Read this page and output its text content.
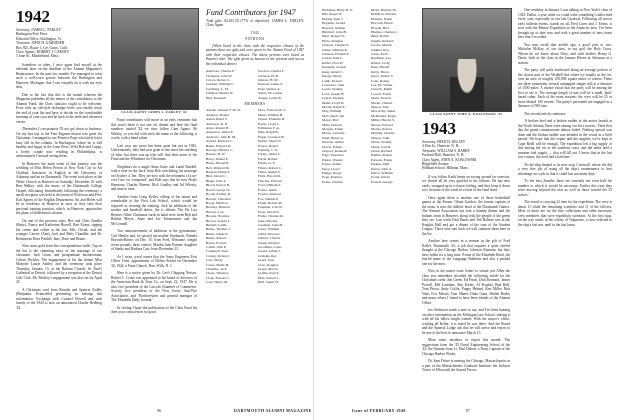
1942
Secretary, JAMES L. FARLEY
Burlington Free Press
Editorial Office, Burlington, Vt.
Treasurer, JOHN H. GARDINER
Box 925, Route 1, Los Gatos, Calif.
Class Agents: ROBERT J. CARNEY
5 Jane St., Marblehead, Mass.

Somehow or other, I once again find myself at the eleventh hour on the deadline of the Alumni Magazine's Renaissance. In the past few months I've managed to wear such a well-worn groove between the Burlington and Hanover, Michigan, that I can virtually do it with my eyes shut.

Due to the fact that this is the month wherein the Magazine publishes all the names of the contributors to the Alumni Fund, the Class statistics ought to be welcome. Even with an old-style technique letter you finally reach the end of your list and have to decide on the comfortable morning of your own and be back to the teeth and whatever verses.

Thereafter I can promise I'll not get down to business. On my last trip to the Free Pageant mason was great for Christmas. I managed to see Prentice Pope who lately had a busy fall in the column. In Burlington, where he is still healthy and happy at the Lane Press, Wild Bob and Cappy, a lovely couple now residing in Philadelphia, is unfortunately I missed seeing them.

In Hanover, the main event of that journey was the wedding of Miss Helen Perron of New York City to Art Chalfant, Instructor in English at the University of Arkansas and an ex-Dartmouth. The event took place at the White Church in Hanover on Saturday, December 20 with Ben Walker, with the music of the Dartmouth College Chapel, officiating. Immediately following the ceremony, a small reception was held at the home of Professor and Prof. Earl Agnew of the English Department. Art and Helen will be in residence in Hanover at once as they take their personal training position, which, in Hanover, approaches the plans of differential calculus.

On one of the previous trips, Bev and Chris Zanella (Betty), Nancy and Katherine Howell, Bert Evans, sipping his cream and coffee at the Inn, Mrs. Orcutt, and the younger Carries (Ann), Jack and Betty Chandler, and Dr. Rehnstrom Dave Purdell, Jane, Dave and Bruno.

Now some gold from the correspondence mills. Top on the list is the charming news of the marriage of our classmate, Jack Grant, and postgraduate businessman, Caloric Bickley. The engagement of his the former Miss Marjorie Laurie Ashley, and the ceremony took place Thursday, January 15, at the Barium Church, St. Paul's Cathedral in Detroit, followed by a reception at the Detroit Golf Club. Mr. Bickley's engagement was also set for April 25.

A Christmas card from Rosalie and Spencer Kalley (Benjamin, Evansville) presenting no belongs this information. Exchange with Colonel Howell and with family of the 1944 is now an announced Charlie Hedberg '44.

CLASS AGENT JAMES L. FARLEY '42

Fund contributors will move as an early reminder that this year's there is not one far distant and here the final numbers totaled '42 we now follow Cam Agans, Ab Whitby, so you did with each the name at the following is worth, with a hand salute.

Last year our news has been quite but not in 1942. Unfortunately, they had now gone to law since the reaching of John, but there was up who will find their notes of the Fund and the Whitmore for Christmas.

Neighbors do a single Anna Grate and Lamb Burdell, with a note on the back from Bob concluding his marriage on October 4. Jen. They are now with the treatment of a no-cost Cure on 'composed', and Bob says that he now Boyle Harmony, Charley Breene, Dick Gradley and Ad Whealy, and time to time.

Another from Craig Kelley, telling of his return and remarkable to the First Lab School, which would be reported as wearing the training. Jack he additions to the mother and baseball duties, the is affirms The Pet Lou Bremer. Other Christmas cards in hand were from Bob and Bobbie Meyer, Anne and Joe Fenneamore and Jan McConnell.

Two announcements of additions to the gymnasium, Carl Henley and, by special tea mother Sturbanch, Pamela Horvath-Barrie, on Dec. 15; from Fred, Winsome, weight seven pounds, three ounces; Martha Jane Partner, daughter of Sandy and Barbara Carr, born December 23.

As I write, word comes that the Army Engineers Post Office Trust, appointment of Wolter Friend on December 30, 1942, a Farm Church, Bass Wills, N. J.

Here is a notice given by Dr. Lee's Chipping Norton. Robert C. Crone was appointed to the board of directors of the American Bank & Trust Co. on Sept. 22, 1947. He is also vice president of the Lincoln Chamber of Commerce. Society vice president of the New Jersey Anti-Fire Association, and 'Northwestern and general manager of The Elizabeth Daily Journal.'

In closing I hope the publication of the Class Fund list does your consciences no good.

Fund Contributors for 1947
Total gifts: $3,461.50 (77% of objective). JAMES L. FARLEY, Class Agent
1942
PATRONS

(When listed in the class with the respective classes of the patrons these are gifts and were given to the Alumni Fund of 1947 with their respective classes. The above persons were listed as Patron's also. The gifts given as honour to the persons and not as the individual donor.)

Ambrose, Charles F.	Gordon, Charles F.
Clements, John W.	Johnson, H. B.
Crowe, Robert C.	Osborn, H. M.
Gardner, William C.	Pearson, James S.
Goldberg, L. M.	Pratt, Wesley A.
Gilligan, Martin W.	Silver, Dr. Luther
Hart, Kenneth	Young, Leslie B.
MEMBERS
Adams, Samuel F. M. D.	Dore, Edward W. G.
Addison, Daniel	Dunn, William H.
Alden, Rhett S.	Dyson, Franklin D.
Alderson, R. D.	Eaton, Lloyd L.
Allen, Robert H.	Edmiston, F. A.
Anderson, James E.	Ellis, Ralph B.
Andrews, John B. M.	Engle, Cranston B.
Arnold, Richard C.	Enzler, Stuart D.
Baker, Edward D.	Everts, Robert
Barclay, Herbert C.	Fanning, C. R.
Barnes, H. W.	Farley, James L.
Barry, Daniel E.	Ferris, Robert
Bates, Harold R.	Fields, G. E.
Bell, Richard M.	Finley, Robert C.
Benson, Philip F.	Fisher, Ralph S.
Bird, David C.	Fitch, Harold D.
Blake, John T.	Fletcher, Edward
Blood, Robert B.	Ford, William T.
Bond, George W.	Foster, James
Booth, Stanley R.	Fowler, Richard
Bowen, Theodore	Fox, Nathan P.
Boyle, Harmon	Frank, Robert M.
Bradley, Richard	Freeman, Carl W.
Brewer, Lou	Frost, David K.
Brooks, Norman	Fuller, Charles M.
Brown, Arnold L.	Gale, Edward
Burdell, Lamb	Gardiner, John H.
Burke, Thomas J.	Gates, William
Burns, James E.	Gibbs, Howard
Butler, Robert	Gilbert, Charles
Byrne, Francis	Glenn, Richard
Cahill, John P.	Goodman, Louis
Campbell, Neal	Gould, Arthur J.
Carney, Robert J.	Graham, Ray
Carr, Sandy	Grant, Jack
Carter, Philip H.	Gray, Douglas
Chandler, Jack	Green, Morris
Chase, Winslow	Griffin, Paul T.
Clark, Edward J.	Hale, Robert C.
Cole, Henry M.	Hall, Stuart W.
96	DARTMOUTH ALUMNI MAGAZINE
Hickman, Harry B. Jr.	Hicks, Herbert M.
Hill, Roger W.	Hoffman, Edward
Holden, Paul J.	Holmes, Frank
Hopkins, Gerald	Horvath, Barrie
Howard, Nathan	Howell, Bert
Hubbard, John B.	Hughes, Charles L.
Hunt, Robert W.	Hurd, Rollin
Hyde, Douglas	Ingalls, Richard
Jackson, Charles P.	Jacobs, Martin
James, William R.	Jenkins, Roy
Johnson, Frederick	Jones, Evan
Jordan, Paul L.	Kaufman, Leo
Keller, Fred W.	Kelley, Craig
Kennedy, Joseph	Kent, Harold
King, Albert C.	Kirby, Bruce
Knapp, Henry	Knox, Walter S.
Lamb, Everett	Lane, Robert
Lawrence, John	Lee, Dr. Walter
Lewis, Stanley	Lincoln, Ralph
Lord, Joseph H.	Lowell, Frank
Lynch, Thomas	Mack, Everett
Mann, Lloyd B.	Marsh, Charles
Martin, Ralph E.	Mason, John
May, William	McCarthy, James
McConnell, Jan	McDonald, Roger
Meyer, Bob	Miller, Harold S.
Mills, Donald	Moore, Edward
Morgan, Frank	Morris, Robert
Morse, Leonard	Murphy, Charles
Nash, Henry G.	Nelson, John
Newton, Arthur	Noble, Stanley
Norris, Edwin	Olson, Carl R.
Osgood, Kenneth	Owen, Richard
Page, Theodore	Palmer, Robert
Parker, Wesley	Parsons, Frank
Payne, Arthur	Perkins, Hall
Perry, Lloyd	Peters, John A.
Phelps, Roger	Pierce, William
Pope, Prentice	Porter, David
Potter, Charles	Powell, George
CLASS AGENT JOHN A. KOSLOWSKI '43
1943
Secretary, FRED H. KELSEY
4 Elm St., Hanover, N. H.
Treasurer, WILLIAM S. BARRY
Packard Hall, Hanover, N. H.
Class Agent, JOHN A. KOSLOWSKI
Ridgefield Avenue
Hillman School, Hillman, Mass.

If you follow Keith keeps on roving around for exercise, we should all be very grateful to his fellows. He has new cards, wrapped up in a classic feeling, and they keep it down two, because of the cards in a form of the final letter.

Once again there is another one of those basketball games at the Forum. Glenn Gordon, the former captain of the team, is now the athletic head of the Dartmouth Games. The Alumni Association has sent a Sunday dinner and the Indians team in Hanover, along with the people of the green they see. Last week Dick Burns and Ted Holmes was in the Knights Hall and got a dinner of the sons of the Student League. Those who met back we will continue them here in the list.

Another here comes in a sermon in the gift of Fred Keller, Dartmouth '43, a job that requires a quite careful thought at the Chicago Harbor, Johnson Alumnia, but they have fallen for a long time. Evans of the Elizabeth Rend, the fearful name of the Language Bulletins and also a pushed one for the men.

Now in the nearer issue letters to whom you Allen the class you remember recorded the following which for the Christmas cards: Jim Green, Ed Finch, Dick Kennard, James Powell, Mel Larrabee, Ray Kirley, Al Prophet, Bud Hall, Tom Prieto, Andy Coffin, Poppy Hebard, Ken Miller, Bob Nute, Eric Meisel, Tom Shiner, Duke Ganz, Harlan Bailey and many others I found to have been friends of the Alumni Office.

Joe Anderson sends a note to say, and I've been hearing on other information on the Michigan Law School, sharing it with all his fellow bright friends. With the mayor's office, wishing all Keller, it is noted he was there. And the Board and the Spanish Lodge ask that he will arrive and report to be one of the best to announce March 15.

More notes mistakes to report this month. The suggestions from the '43 Naval Engineering School of the '43: the Alumni from Lt. Paul Dalton, a Navy Captain of the Chicago Harbor Works.

Dr. Sam Fisher is nearing the Chicago, Massachusetts as a part of the Massachusetts Graduate Institute: the Jackson Tower of Ellsworth the Armed Forces.

One weekday in January I was talking to New York's class of 1943. Dallas, a year when we could write something I rather read every year, especially in our last Carnival. Following all across early bulletin events, stands on all, Fred Carey and J. Evans, is now with the Rennie Expedition to the Antarctic area. I've been brought up to date now and with a great number of new items here that I recorded.

You may recall that awhile ago, a good year or two, Malcolm McKay, of our class, to say god, the Holy Cross. Whom do we know about Navy, and with brother Henry G. Davis, both of the class in the famous Haven at Arkansas at a station.

The party will pack northward along an average portion of the closest part of the Weddell Sea where ice usually in the ice, over an area of roughly 250,000 square miles of waters. There are three mountains, several unmapped ranges still at a distance of 1500 miles. A chance exists that the party will be among the first to see it. The average length of stay will be a small, land-based cabin. Each of the main stations; the crew will be 25 or more aboard 100 vessels. The party's personnel are engaged in a distance of 500 tons.

The second article continues:

'A broken keel and a broken rudder in the motor launch at the North Atlantic Base were among our first worries. Their first day the grand commissioner almost failed. Nothing special was done and the broken rudder was mended in the vessel in a brief period. We hope that this repair and the supplies we've kept at Cape Ryall will be enough. The expedition left a big supply of this among the ice at the southern coast, and the tanks held a summer fuel supply — that will fill out. I know that in the last few cruises, the food had a bad time.'

'So the ship limped to its next stop. Cornwall, where she did a very fine job of using all the ship's maintenance to best advantage on a job so that it could last not many days.'

'To the best Zanella, there are currently not even half the number to which it would be necessary. Earlier this year they were moving beyond the seas as well as those toward the 55 sorties.'

The vessel is carrying 22 men for the expedition. The crew is about 11 while the remaining scientists and 11 of the officers. Most of those are for the fine collections and other necessary crew members that were expedition scientists. At the first stop, on the way south, in the colony of Valparaiso, a crew selected in the ship's last run, until in the last hours.

Issue of FEBRUARY 1948	97
